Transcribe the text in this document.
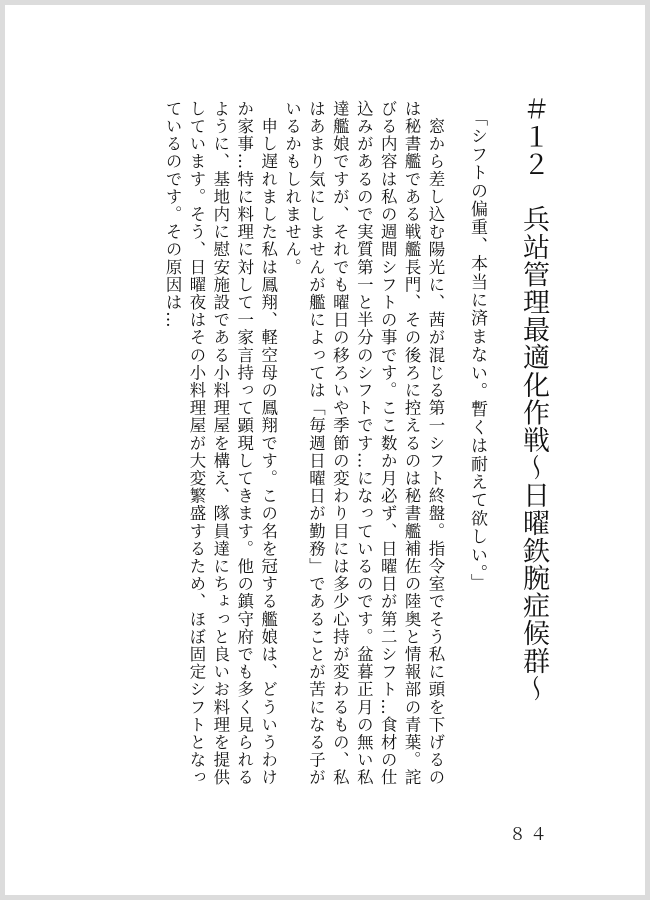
＃１２　兵站管理最適化作戦～日曜鉄腕症候群～
「シフトの偏重、本当に済まない。暫くは耐えて欲しい。」

　窓から差し込む陽光に、茜が混じる第一シフト終盤。指令室でそう私に頭を下げるのは秘書艦である戦艦長門、その後ろに控えるのは秘書艦補佐の陸奥と情報部の青葉。詫びる内容は私の週間シフトの事です。ここ数か月必ず、日曜日が第二シフト…食材の仕込みがあるので実質第一と半分のシフトです…になっているのです。盆暮正月の無い私達艦娘ですが、それでも曜日の移ろいや季節の変わり目には多少心持が変わるもの、私はあまり気にしませんが艦によっては「毎週日曜日が勤務」であることが苦になる子がいるかもしれません。

　申し遅れました私は鳳翔、軽空母の鳳翔です。この名を冠する艦娘は、どういうわけか家事…特に料理に対して一家言持って顕現してきます。他の鎮守府でも多く見られるように、基地内に慰安施設である小料理屋を構え、隊員達にちょっと良いお料理を提供しています。そう、日曜夜はその小料理屋が大変繁盛するため、ほぼ固定シフトとなっているのです。その原因は…

８４
